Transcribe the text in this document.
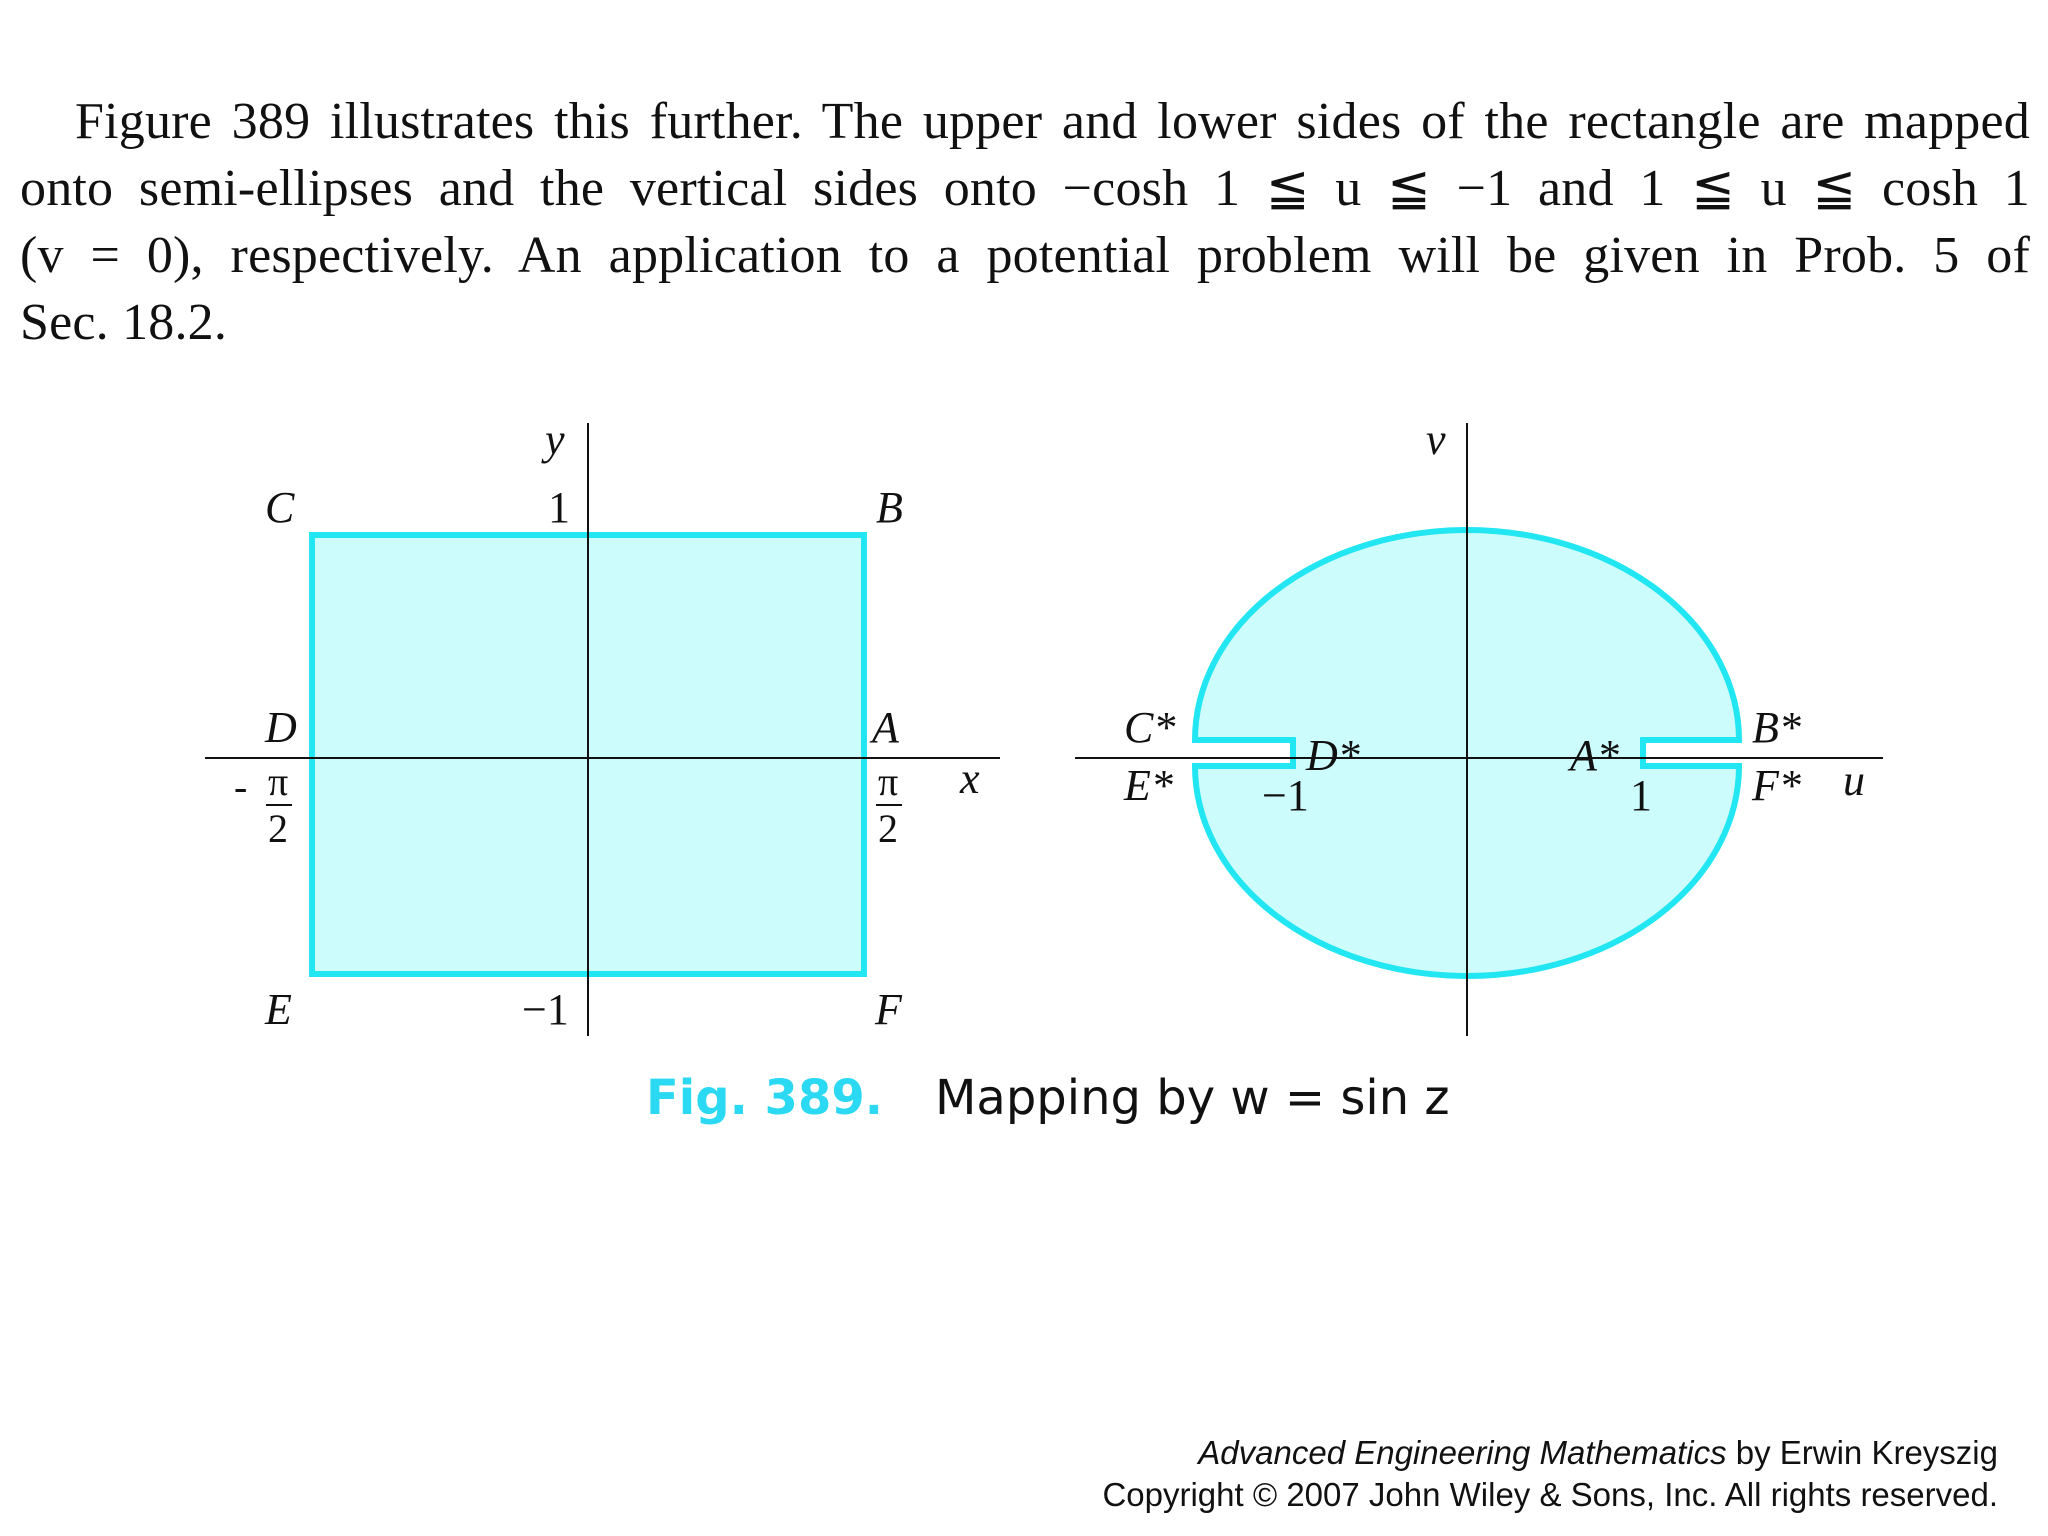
Figure 389 illustrates this further. The upper and lower sides of the rectangle are mapped
onto semi-ellipses and the vertical sides onto −cosh 1 ≦ u ≦ −1 and 1 ≦ u ≦ cosh 1
(v = 0), respectively. An application to a potential problem will be given in Prob. 5 of
Sec. 18.2.
y
x
1
−1
C	B
D	A
E	F
- π
2
π
2
v
u
C*
E*
D*	A*
B*
F*
−1	1
Fig. 389. Mapping by w = sin z
Advanced Engineering Mathematics by Erwin Kreyszig
Copyright © 2007 John Wiley & Sons, Inc. All rights reserved.
